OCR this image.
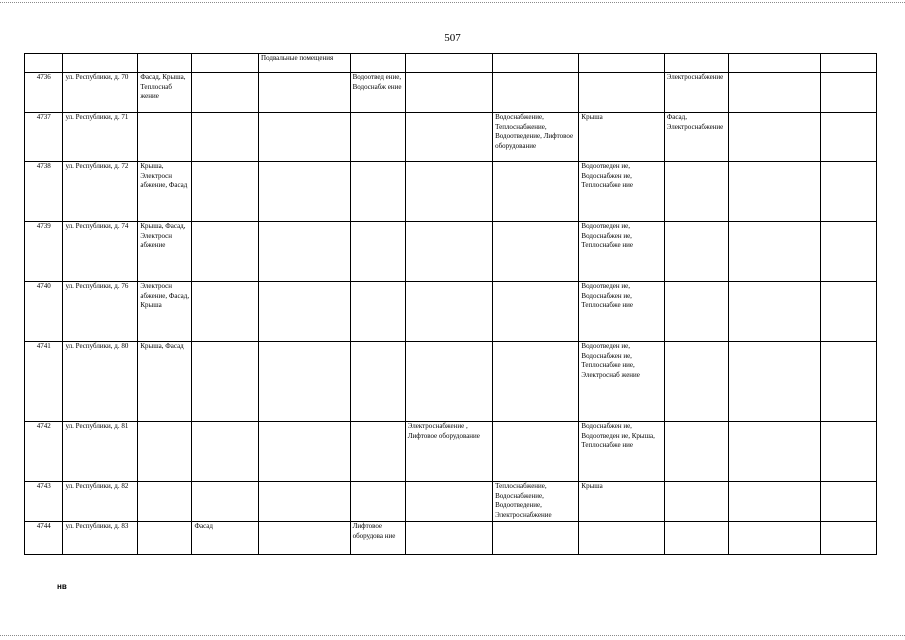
507
				Подвальные помещения							
4736	ул. Республики, д. 70	Фасад, Крыша, Теплоснаб жение			Водоотвед ение, Водоснабж ение				Электроснабжение		
4737	ул. Республики, д. 71						Водоснабжение, Теплоснабжение, Водоотведение, Лифтовое оборудование	Крыша	Фасад, Электроснабжение		
4738	ул. Республики, д. 72	Крыша, Электросн абжение, Фасад						Водоотведен ие, Водоснабжен ие, Теплоснабже ние			
4739	ул. Республики, д. 74	Крыша, Фасад, Электросн абжение						Водоотведен ие, Водоснабжен ие, Теплоснабже ние			
4740	ул. Республики, д. 76	Электросн абжение, Фасад, Крыша						Водоотведен ие, Водоснабжен ие, Теплоснабже ние			
4741	ул. Республики, д. 80	Крыша, Фасад						Водоотведен ие, Водоснабжен ие, Теплоснабже ние, Электроснаб жение			
4742	ул. Республики, д. 81					Электроснабжение , Лифтовое оборудование		Водоснабжен ие, Водоотведен ие, Крыша, Теплоснабже ние			
4743	ул. Республики, д. 82						Теплоснабжение, Водоснабжение, Водоотведение, Электроснабжение	Крыша			
4744	ул. Республики, д. 83		Фасад		Лифтовое оборудова ние						
нв
